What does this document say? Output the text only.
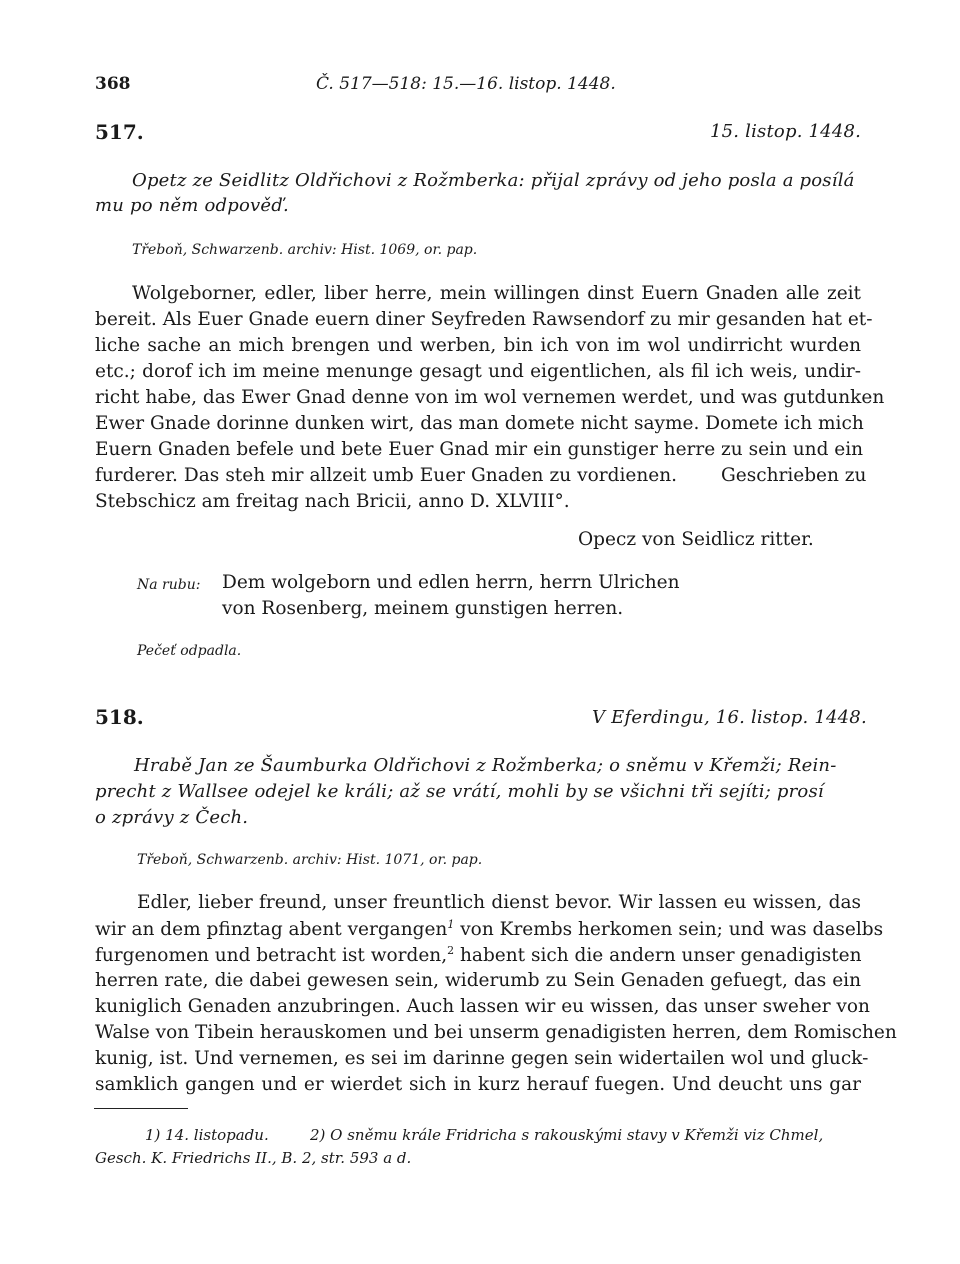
368	Č. 517—518: 15.—16. listop. 1448.
517.	15. listop. 1448.
Opetz ze Seidlitz Oldřichovi z Rožmberka: přijal zprávy od jeho posla a posílá
mu po něm odpověď.
Třeboň, Schwarzenb. archiv: Hist. 1069, or. pap.
Wolgeborner, edler, liber herre, mein willingen dinst Euern Gnaden alle zeit
bereit. Als Euer Gnade euern diner Seyfreden Rawsendorf zu mir gesanden hat et-
liche sache an mich brengen und werben, bin ich von im wol undirricht wurden
etc.; dorof ich im meine menunge gesagt und eigentlichen, als fil ich weis, undir-
richt habe, das Ewer Gnad denne von im wol vernemen werdet, und was gutdunken
Ewer Gnade dorinne dunken wirt, das man domete nicht sayme. Domete ich mich
Euern Gnaden befele und bete Euer Gnad mir ein gunstiger herre zu sein und ein
furderer. Das steh mir allzeit umb Euer Gnaden zu vordienen. Geschrieben zu
Stebschicz am freitag nach Bricii, anno D. XLVIII°.
Opecz von Seidlicz ritter.
Na rubu: Dem wolgeborn und edlen herrn, herrn Ulrichen
von Rosenberg, meinem gunstigen herren.
Pečeť odpadla.
518.	V Eferdingu, 16. listop. 1448.
Hrabě Jan ze Šaumburka Oldřichovi z Rožmberka; o sněmu v Křemži; Rein-
precht z Wallsee odejel ke králi; až se vrátí, mohli by se všichni tři sejíti; prosí
o zprávy z Čech.
Třeboň, Schwarzenb. archiv: Hist. 1071, or. pap.
Edler, lieber freund, unser freuntlich dienst bevor. Wir lassen eu wissen, das
wir an dem pfinztag abent vergangen$^1$ von Krembs herkomen sein; und was daselbs
furgenomen und betracht ist worden,$^2$ habent sich die andern unser genadigisten
herren rate, die dabei gewesen sein, widerumb zu Sein Genaden gefuegt, das ein
kuniglich Genaden anzubringen. Auch lassen wir eu wissen, das unser sweher von
Walse von Tibein herauskomen und bei unserm genadigisten herren, dem Romischen
kunig, ist. Und vernemen, es sei im darinne gegen sein widertailen wol und gluck-
samklich gangen und er wierdet sich in kurz herauf fuegen. Und deucht uns gar
1) 14. listopadu.	2) O sněmu krále Fridricha s rakouskými stavy v Křemži viz Chmel,
Gesch. K. Friedrichs II., B. 2, str. 593 a d.
